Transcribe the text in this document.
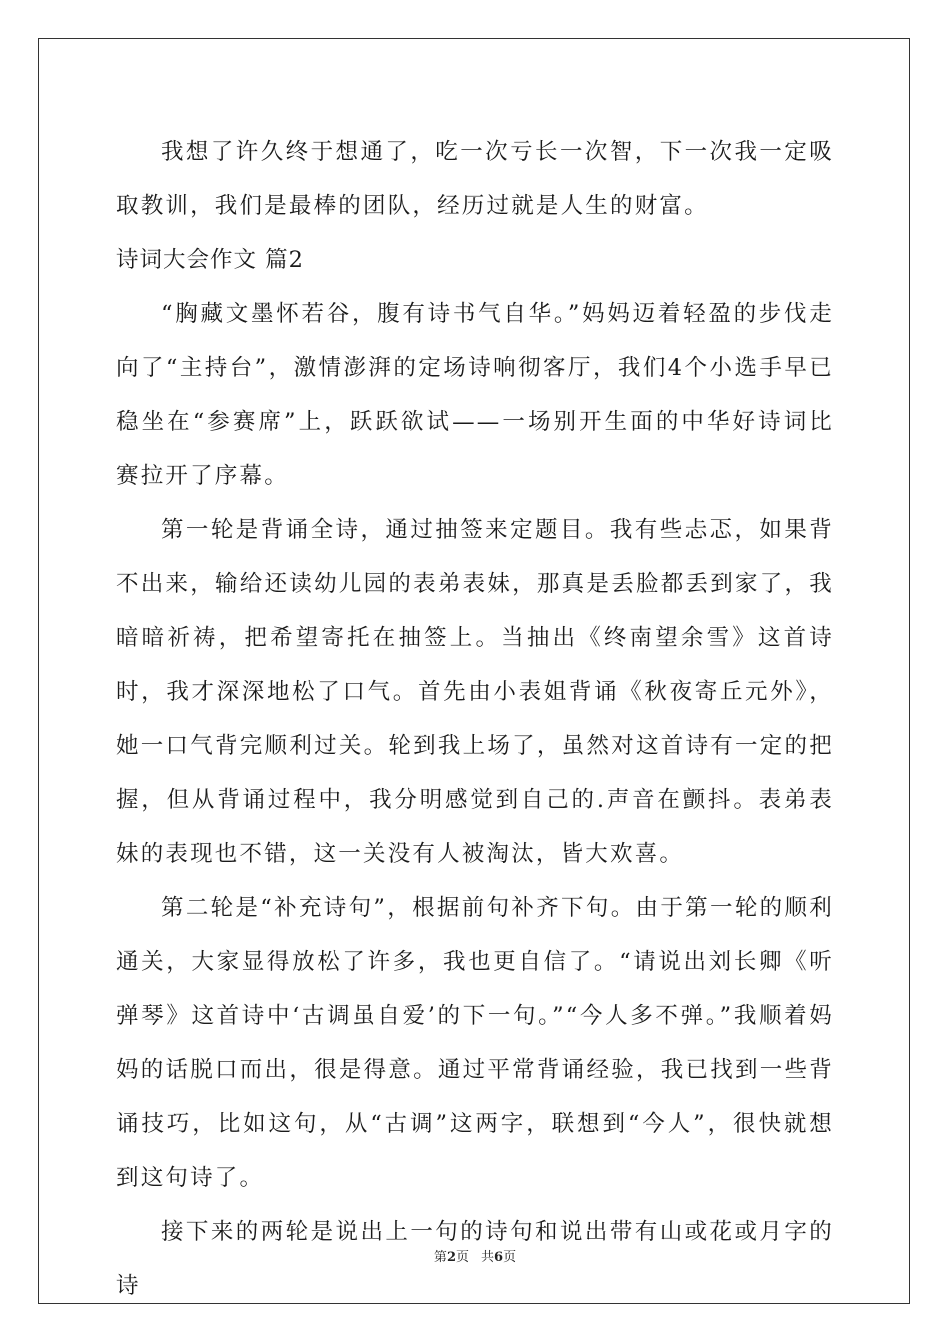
我想了许久终于想通了，吃一次亏长一次智，下一次我一定吸取教训，我们是最棒的团队，经历过就是人生的财富。

诗词大会作文 篇2

“胸藏文墨怀若谷，腹有诗书气自华。”妈妈迈着轻盈的步伐走向了“主持台”，激情澎湃的定场诗响彻客厅，我们4个小选手早已稳坐在“参赛席”上，跃跃欲试——一场别开生面的中华好诗词比赛拉开了序幕。

第一轮是背诵全诗，通过抽签来定题目。我有些忐忑，如果背不出来，输给还读幼儿园的表弟表妹，那真是丢脸都丢到家了，我暗暗祈祷，把希望寄托在抽签上。当抽出《终南望余雪》这首诗时，我才深深地松了口气。首先由小表姐背诵《秋夜寄丘元外》，她一口气背完顺利过关。轮到我上场了，虽然对这首诗有一定的把握，但从背诵过程中，我分明感觉到自己的.声音在颤抖。表弟表妹的表现也不错，这一关没有人被淘汰，皆大欢喜。

第二轮是“补充诗句”，根据前句补齐下句。由于第一轮的顺利通关，大家显得放松了许多，我也更自信了。“请说出刘长卿《听弹琴》这首诗中‘古调虽自爱’的下一句。”“今人多不弹。”我顺着妈妈的话脱口而出，很是得意。通过平常背诵经验，我已找到一些背诵技巧，比如这句，从“古调”这两字，联想到“今人”，很快就想到这句诗了。

接下来的两轮是说出上一句的诗句和说出带有山或花或月字的诗

第2页 共6页
